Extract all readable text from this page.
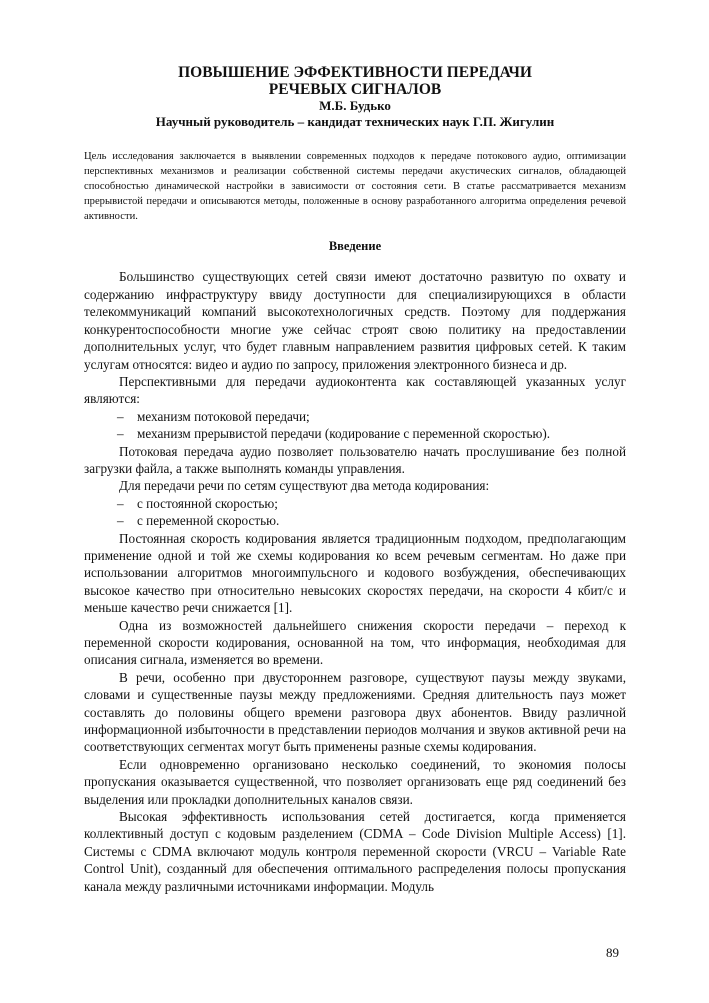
ПОВЫШЕНИЕ ЭФФЕКТИВНОСТИ ПЕРЕДАЧИ

РЕЧЕВЫХ СИГНАЛОВ

М.Б. Будько

Научный руководитель – кандидат технических наук Г.П. Жигулин

Цель исследования заключается в выявлении современных подходов к передаче потокового аудио, оптимизации перспективных механизмов и реализации собственной системы передачи акустических сигналов, обладающей способностью динамической настройки в зависимости от состояния сети. В статье рассматривается механизм прерывистой передачи и описываются методы, положенные в основу разработанного алгоритма определения речевой активности.

Введение

Большинство существующих сетей связи имеют достаточно развитую по охвату и содержанию инфраструктуру ввиду доступности для специализирующихся в области телекоммуникаций компаний высокотехнологичных средств. Поэтому для поддержания конкурентоспособности многие уже сейчас строят свою политику на предоставлении дополнительных услуг, что будет главным направлением развития цифровых сетей. К таким услугам относятся: видео и аудио по запросу, приложения электронного бизнеса и др.

Перспективными для передачи аудиоконтента как составляющей указанных услуг являются:

–	механизм потоковой передачи;
–	механизм прерывистой передачи (кодирование с переменной скоростью).

Потоковая передача аудио позволяет пользователю начать прослушивание без полной загрузки файла, а также выполнять команды управления.

Для передачи речи по сетям существуют два метода кодирования:

–	с постоянной скоростью;
–	с переменной скоростью.

Постоянная скорость кодирования является традиционным подходом, предполагающим применение одной и той же схемы кодирования ко всем речевым сегментам. Но даже при использовании алгоритмов многоимпульсного и кодового возбуждения, обеспечивающих высокое качество при относительно невысоких скоростях передачи, на скорости 4 кбит/с и меньше качество речи снижается [1].

Одна из возможностей дальнейшего снижения скорости передачи – переход к переменной скорости кодирования, основанной на том, что информация, необходимая для описания сигнала, изменяется во времени.

В речи, особенно при двустороннем разговоре, существуют паузы между звуками, словами и существенные паузы между предложениями. Средняя длительность пауз может составлять до половины общего времени разговора двух абонентов. Ввиду различной информационной избыточности в представлении периодов молчания и звуков активной речи на соответствующих сегментах могут быть применены разные схемы кодирования.

Если одновременно организовано несколько соединений, то экономия полосы пропускания оказывается существенной, что позволяет организовать еще ряд соединений без выделения или прокладки дополнительных каналов связи.

Высокая эффективность использования сетей достигается, когда применяется коллективный доступ с кодовым разделением (CDMA – Code Division Multiple Access) [1]. Системы с CDMA включают модуль контроля переменной скорости (VRCU – Variable Rate Control Unit), созданный для обеспечения оптимального распределения полосы пропускания канала между различными источниками информации. Модуль

89
